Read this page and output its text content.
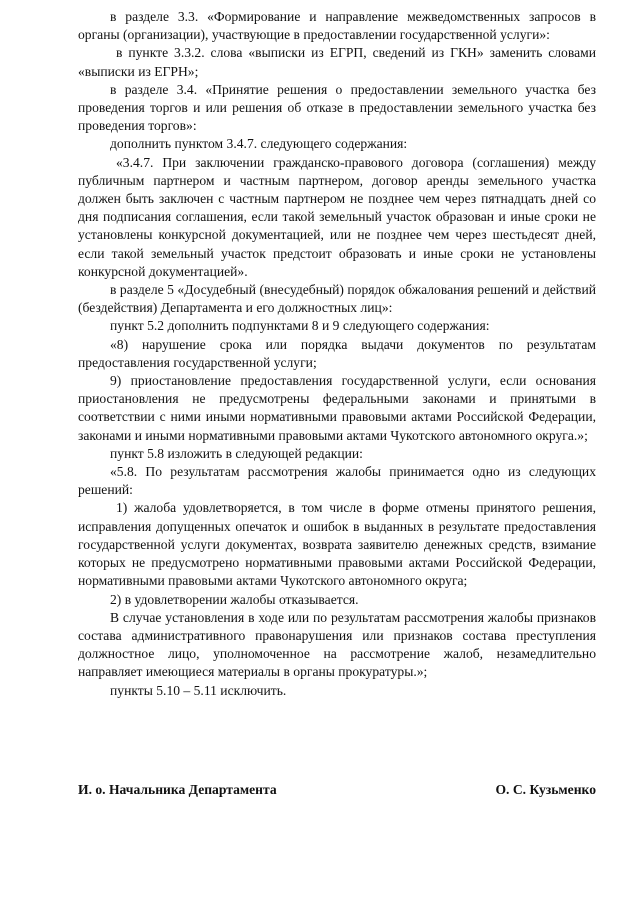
в разделе 3.3. «Формирование и направление межведомственных запросов в органы (организации), участвующие в предоставлении государственной услуги»:

в пункте 3.3.2. слова «выписки из ЕГРП, сведений из ГКН» заменить словами «выписки из ЕГРН»;

в разделе 3.4. «Принятие решения о предоставлении земельного участка без проведения торгов и или решения об отказе в предоставлении земельного участка без проведения торгов»:

дополнить пунктом 3.4.7. следующего содержания:

«3.4.7. При заключении гражданско-правового договора (соглашения) между публичным партнером и частным партнером, договор аренды земельного участка должен быть заключен с частным партнером не позднее чем через пятнадцать дней со дня подписания соглашения, если такой земельный участок образован и иные сроки не установлены конкурсной документацией, или не позднее чем через шестьдесят дней, если такой земельный участок предстоит образовать и иные сроки не установлены конкурсной документацией».

в разделе 5 «Досудебный (внесудебный) порядок обжалования решений и действий (бездействия) Департамента и его должностных лиц»:

пункт 5.2 дополнить подпунктами 8 и 9 следующего содержания:

«8) нарушение срока или порядка выдачи документов по результатам предоставления государственной услуги;

9) приостановление предоставления государственной услуги, если основания приостановления не предусмотрены федеральными законами и принятыми в соответствии с ними иными нормативными правовыми актами Российской Федерации, законами и иными нормативными правовыми актами Чукотского автономного округа.»;

пункт 5.8 изложить в следующей редакции:

«5.8. По результатам рассмотрения жалобы принимается одно из следующих решений:

1) жалоба удовлетворяется, в том числе в форме отмены принятого решения, исправления допущенных опечаток и ошибок в выданных в результате предоставления государственной услуги документах, возврата заявителю денежных средств, взимание которых не предусмотрено нормативными правовыми актами Российской Федерации, нормативными правовыми актами Чукотского автономного округа;

2) в удовлетворении жалобы отказывается.

В случае установления в ходе или по результатам рассмотрения жалобы признаков состава административного правонарушения или признаков состава преступления должностное лицо, уполномоченное на рассмотрение жалоб, незамедлительно направляет имеющиеся материалы в органы прокуратуры.»;

пункты 5.10 – 5.11 исключить.

И. о. Начальника Департамента	О. С. Кузьменко
